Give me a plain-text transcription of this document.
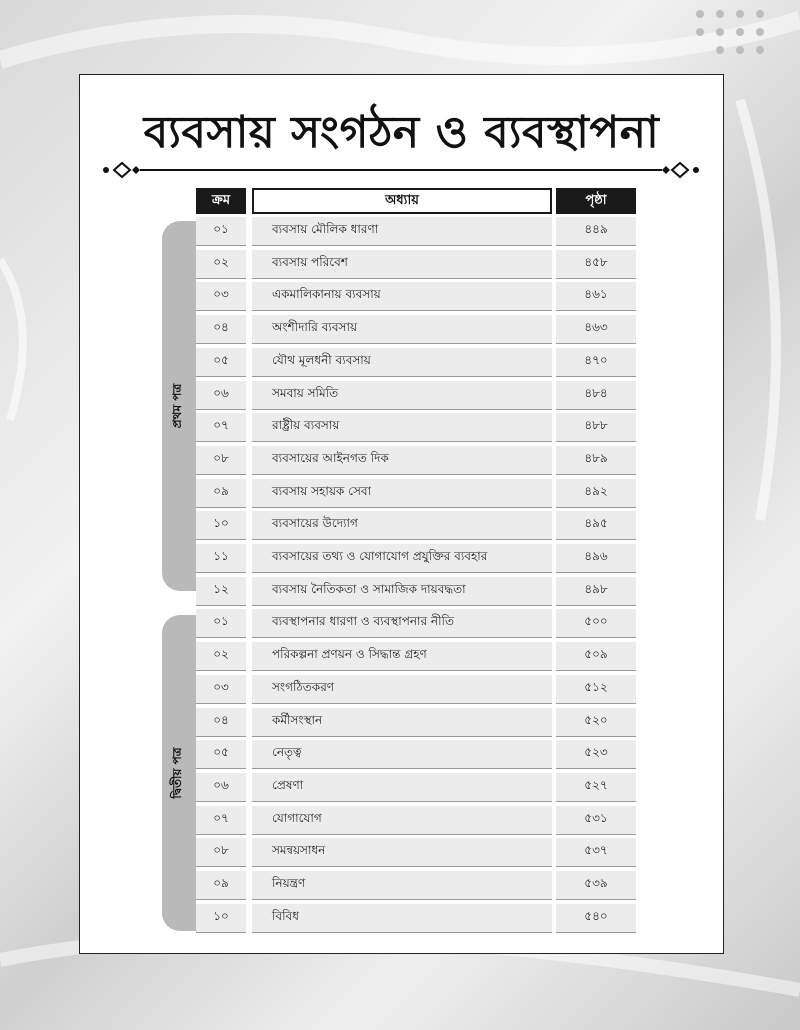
ব্যবসায় সংগঠন ও ব্যবস্থাপনা
ক্রম	অধ্যায়	পৃষ্ঠা
প্রথম পত্র
দ্বিতীয় পত্র
০১	ব্যবসায় মৌলিক ধারণা	৪৪৯
০২	ব্যবসায় পরিবেশ	৪৫৮
০৩	একমালিকানায় ব্যবসায়	৪৬১
০৪	অংশীদারি ব্যবসায়	৪৬৩
০৫	যৌথ মূলধনী ব্যবসায়	৪৭০
০৬	সমবায় সমিতি	৪৮৪
০৭	রাষ্ট্রীয় ব্যবসায়	৪৮৮
০৮	ব্যবসায়ের আইনগত দিক	৪৮৯
০৯	ব্যবসায় সহায়ক সেবা	৪৯২
১০	ব্যবসায়ের উদ্যোগ	৪৯৫
১১	ব্যবসায়ের তথ্য ও যোগাযোগ প্রযুক্তির ব্যবহার	৪৯৬
১২	ব্যবসায় নৈতিকতা ও সামাজিক দায়বদ্ধতা	৪৯৮
০১	ব্যবস্থাপনার ধারণা ও ব্যবস্থাপনার নীতি	৫০০
০২	পরিকল্পনা প্রণয়ন ও সিদ্ধান্ত গ্রহণ	৫০৯
০৩	সংগঠিতকরণ	৫১২
০৪	কর্মীসংস্থান	৫২০
০৫	নেতৃত্ব	৫২৩
০৬	প্রেষণা	৫২৭
০৭	যোগাযোগ	৫৩১
০৮	সমন্বয়সাধন	৫৩৭
০৯	নিয়ন্ত্রণ	৫৩৯
১০	বিবিধ	৫৪০
